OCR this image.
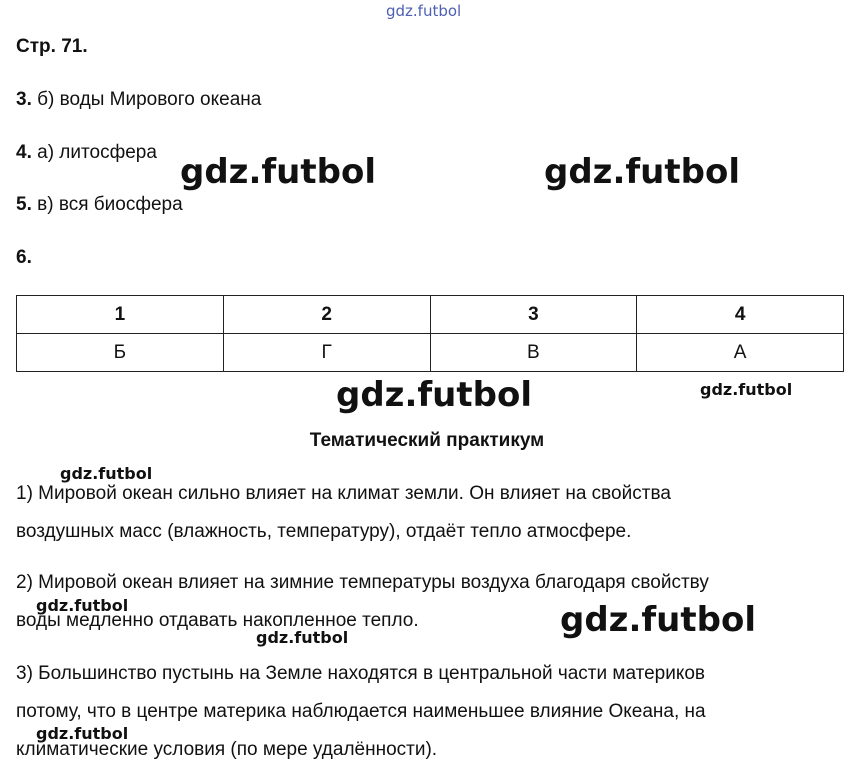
gdz.futbol
Стр. 71.
3. б) воды Мирового океана
4. а) литосфера
5. в) вся биосфера
6.
1	2	3	4
Б	Г	В	А
Тематический практикум
1) Мировой океан сильно влияет на климат земли. Он влияет на свойства
воздушных масс (влажность, температуру), отдаёт тепло атмосфере.
2) Мировой океан влияет на зимние температуры воздуха благодаря свойству
воды медленно отдавать накопленное тепло.
3) Большинство пустынь на Земле находятся в центральной части материков
потому, что в центре материка наблюдается наименьшее влияние Океана, на
климатические условия (по мере удалённости).
gdz.futbol	gdz.futbol
gdz.futbol	gdz.futbol
gdz.futbol
gdz.futbol
gdz.futbol	gdz.futbol
gdz.futbol
